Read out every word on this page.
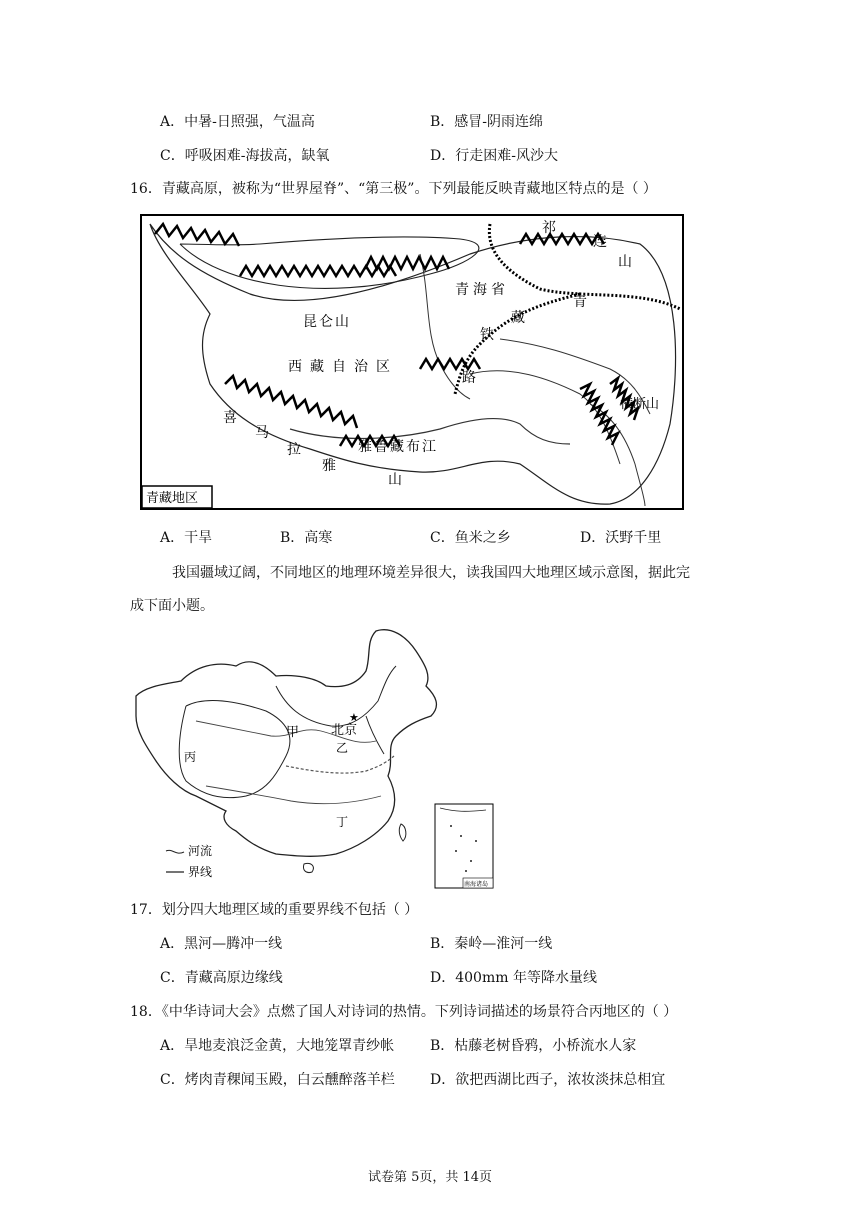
A．中暑-日照强，气温高	B．感冒-阴雨连绵
C．呼吸困难-海拔高，缺氧	D．行走困难-风沙大
16．青藏高原，被称为“世界屋脊”、“第三极”。下列最能反映青藏地区特点的是（ ）
祁
连
山
青海省
青
藏
昆仑山
铁
西藏自治区
路
横断山
喜
马
拉
雅
山
雅鲁藏布江
青藏地区
A．干旱	B．高寒	C．鱼米之乡	D．沃野千里
我国疆域辽阔，不同地区的地理环境差异很大，读我国四大地理区域示意图，据此完
成下面小题。
甲 北京
★
乙
丙
丁
河流
界线
南海诸岛
17．划分四大地理区域的重要界线不包括（ ）
A．黑河—腾冲一线	B．秦岭—淮河一线
C．青藏高原边缘线	D．400mm 年等降水量线
18．《中华诗词大会》点燃了国人对诗词的热情。下列诗词描述的场景符合丙地区的（ ）
A．旱地麦浪泛金黄，大地笼罩青纱帐	B．枯藤老树昏鸦，小桥流水人家
C．烤肉青稞闻玉殿，白云醺醉落羊栏	D．欲把西湖比西子，浓妆淡抹总相宜
试卷第 5页，共 14页
